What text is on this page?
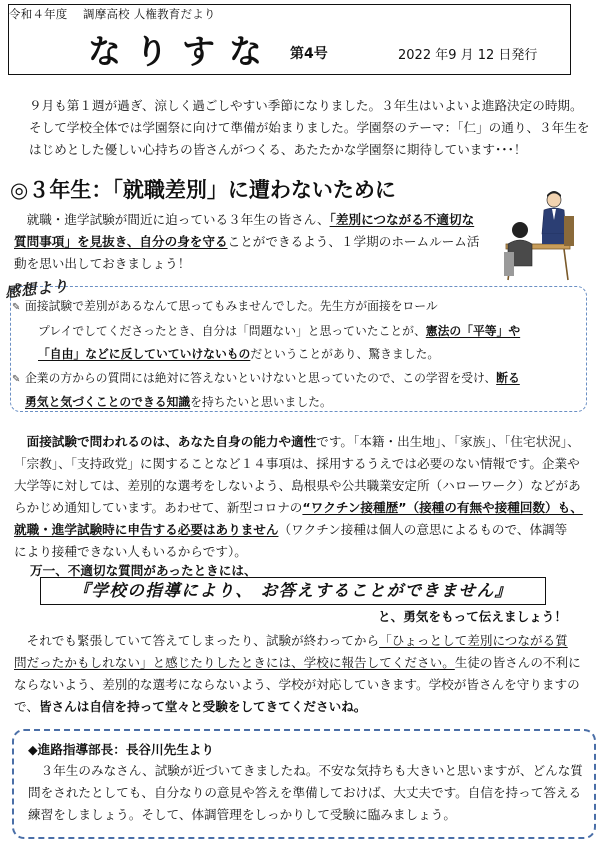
令和４年度　 調摩高校 人権教育だより
なりすな 第4号	2022 年9 月 12 日発行
９月も第１週が過ぎ、涼しく過ごしやすい季節になりました。３年生はいよいよ進路決定の時期。
そして学校全体では学園祭に向けて準備が始まりました。学園祭のテーマ：「仁」の通り、３年生を
はじめとした優しい心持ちの皆さんがつくる、あたたかな学園祭に期待しています･･･！
◎３年生：「就職差別」に遭わないために
　就職・進学試験が間近に迫っている３年生の皆さん、「差別につながる不適切な
質問事項」を見抜き、自分の身を守ることができるよう、１学期のホームルーム活
動を思い出しておきましょう！
感想より
✎ 面接試験で差別があるなんて思ってもみませんでした。先生方が面接をロール
プレイでしてくださったとき、自分は「問題ない」と思っていたことが、憲法の「平等」や
「自由」などに反していていけないものだということがあり、驚きました。
✎ 企業の方からの質問には絶対に答えないといけないと思っていたので、この学習を受け、断る
勇気と気づくことのできる知識を持ちたいと思いました。
　面接試験で問われるのは、あなた自身の能力や適性です。「本籍・出生地」、「家族」、「住宅状況」、
「宗教」、「支持政党」に関することなど１４事項は、採用するうえでは必要のない情報です。企業や
大学等に対しては、差別的な選考をしないよう、島根県や公共職業安定所（ハローワーク）などがあ
らかじめ通知しています。あわせて、新型コロナの“ワクチン接種歴”（接種の有無や接種回数）も、
就職・進学試験時に申告する必要はありません（ワクチン接種は個人の意思によるもので、体調等
により接種できない人もいるからです）。
万一、不適切な質問があったときには、
『学校の指導により、 お答えすることができません』
と、勇気をもって伝えましょう！
　それでも緊張していて答えてしまったり、試験が終わってから「ひょっとして差別につながる質
問だったかもしれない」と感じたりしたときには、学校に報告してください。生徒の皆さんの不利に
ならないよう、差別的な選考にならないよう、学校が対応していきます。学校が皆さんを守りますの
で、皆さんは自信を持って堂々と受験をしてきてくださいね。
◆進路指導部長：長谷川先生より
　３年生のみなさん、試験が近づいてきましたね。不安な気持ちも大きいと思いますが、どんな質
問をされたとしても、自分なりの意見や答えを準備しておけば、大丈夫です。自信を持って答える
練習をしましょう。そして、体調管理をしっかりして受験に臨みましょう。
